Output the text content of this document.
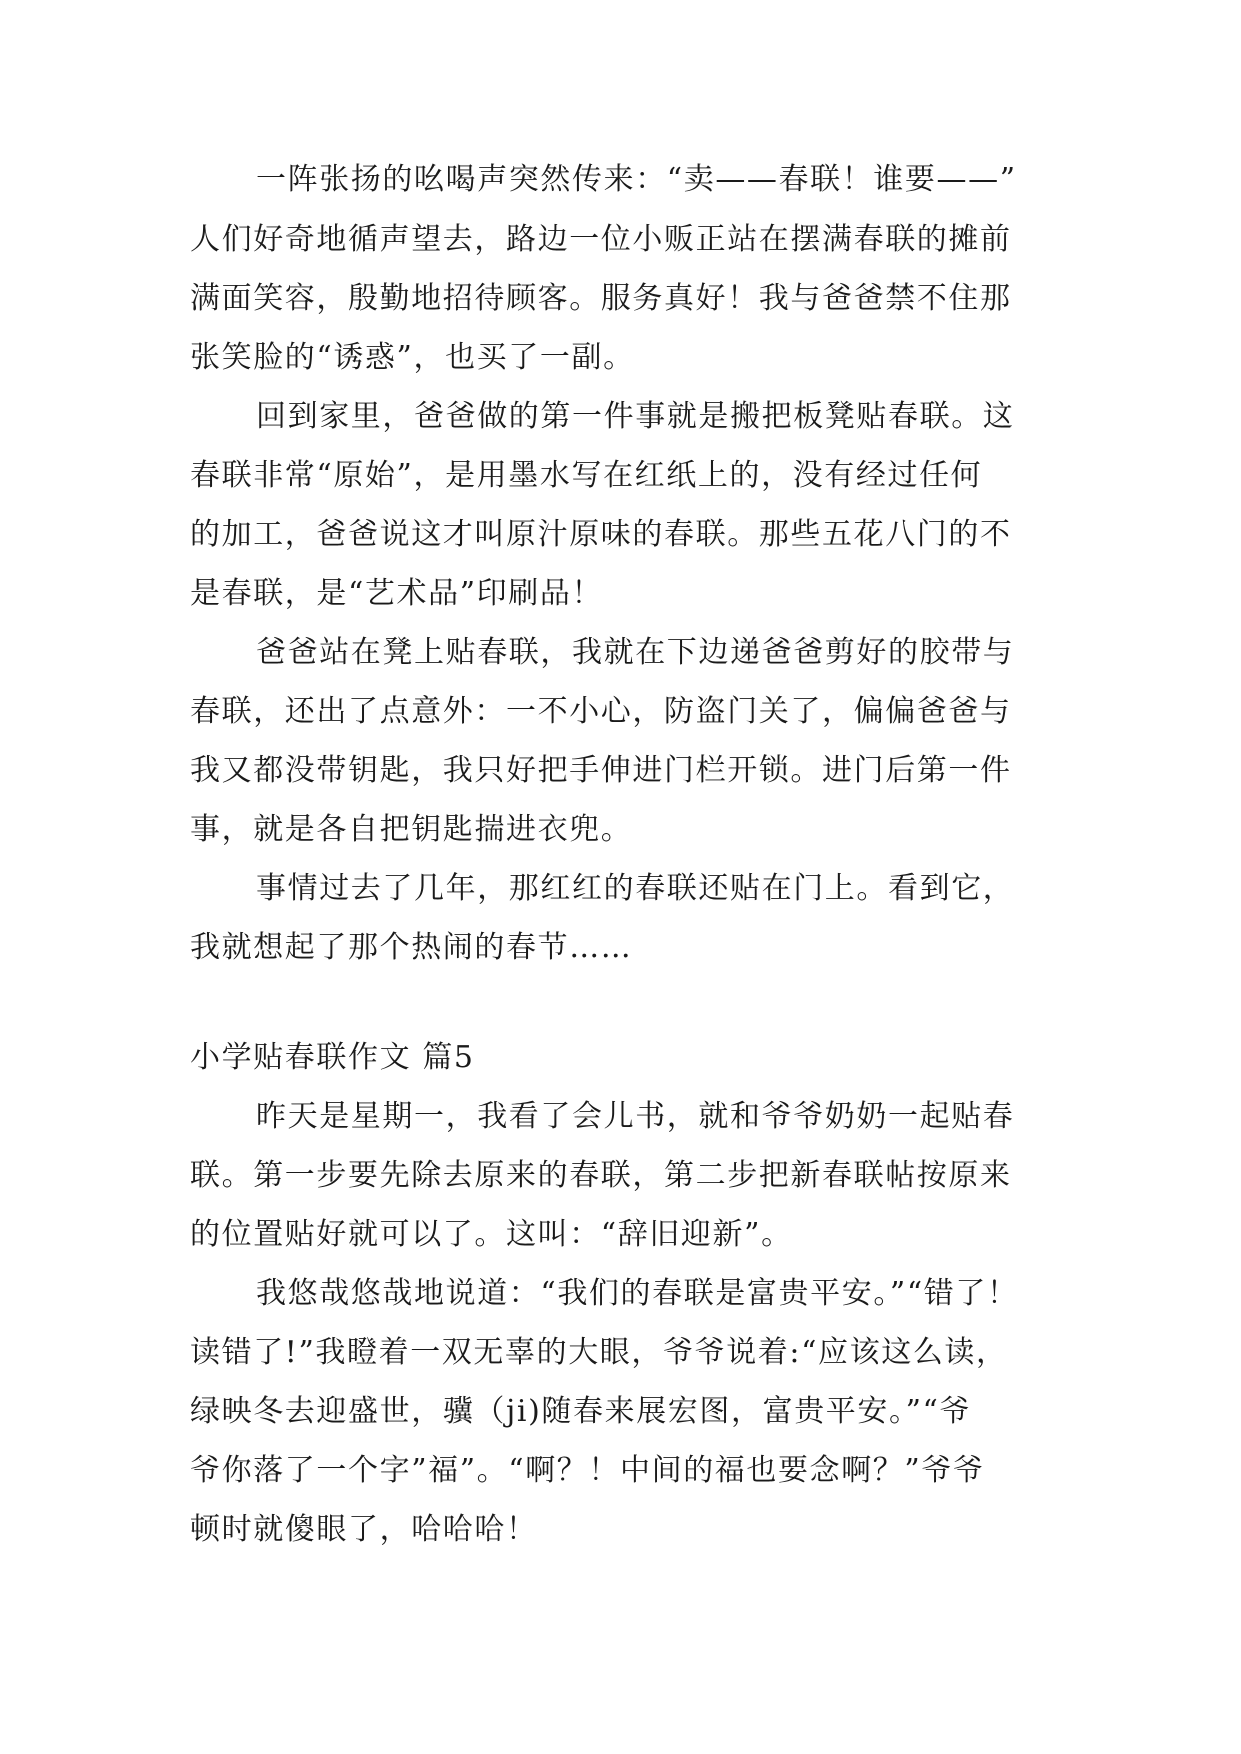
一阵张扬的吆喝声突然传来：“卖——春联！谁要——”
人们好奇地循声望去，路边一位小贩正站在摆满春联的摊前
满面笑容，殷勤地招待顾客。服务真好！我与爸爸禁不住那
张笑脸的“诱惑”，也买了一副。
回到家里，爸爸做的第一件事就是搬把板凳贴春联。这
春联非常“原始”，是用墨水写在红纸上的，没有经过任何
的加工，爸爸说这才叫原汁原味的春联。那些五花八门的不
是春联，是“艺术品”印刷品！
爸爸站在凳上贴春联，我就在下边递爸爸剪好的胶带与
春联，还出了点意外：一不小心，防盗门关了，偏偏爸爸与
我又都没带钥匙，我只好把手伸进门栏开锁。进门后第一件
事，就是各自把钥匙揣进衣兜。
事情过去了几年，那红红的春联还贴在门上。看到它，
我就想起了那个热闹的春节……
小学贴春联作文 篇5
昨天是星期一，我看了会儿书，就和爷爷奶奶一起贴春
联。第一步要先除去原来的春联，第二步把新春联帖按原来
的位置贴好就可以了。这叫：“辞旧迎新”。
我悠哉悠哉地说道：“我们的春联是富贵平安。”“错了！
读错了!”我瞪着一双无辜的大眼，爷爷说着:“应该这么读，
绿映冬去迎盛世，骥（ji)随春来展宏图，富贵平安。”“爷
爷你落了一个字”福”。“啊？！中间的福也要念啊？”爷爷
顿时就傻眼了，哈哈哈！
